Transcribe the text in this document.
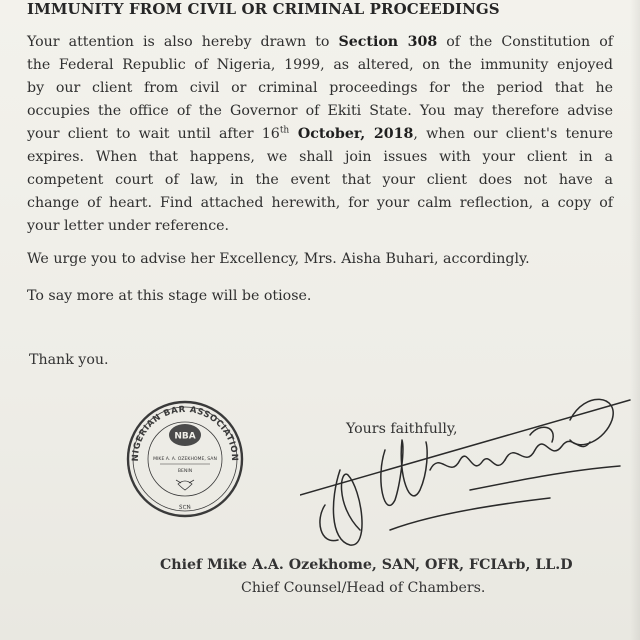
IMMUNITY FROM CIVIL OR CRIMINAL PROCEEDINGS
Your attention is also hereby drawn to Section 308 of the Constitution of
the Federal Republic of Nigeria, 1999, as altered, on the immunity enjoyed
by our client from civil or criminal proceedings for the period that he
occupies the office of the Governor of Ekiti State. You may therefore advise
your client to wait until after 16th October, 2018, when our client's tenure
expires. When that happens, we shall join issues with your client in a
competent court of law, in the event that your client does not have a
change of heart. Find attached herewith, for your calm reflection, a copy of
your letter under reference.
We urge you to advise her Excellency, Mrs. Aisha Buhari, accordingly.
To say more at this stage will be otiose.
Thank you.
NIGERIAN BAR ASSOCIATION
SCN
NBA
MIKE A. A. OZEKHOME, SAN
BENIN
Yours faithfully,
Chief Mike A.A. Ozekhome, SAN, OFR, FCIArb, LL.D
Chief Counsel/Head of Chambers.
